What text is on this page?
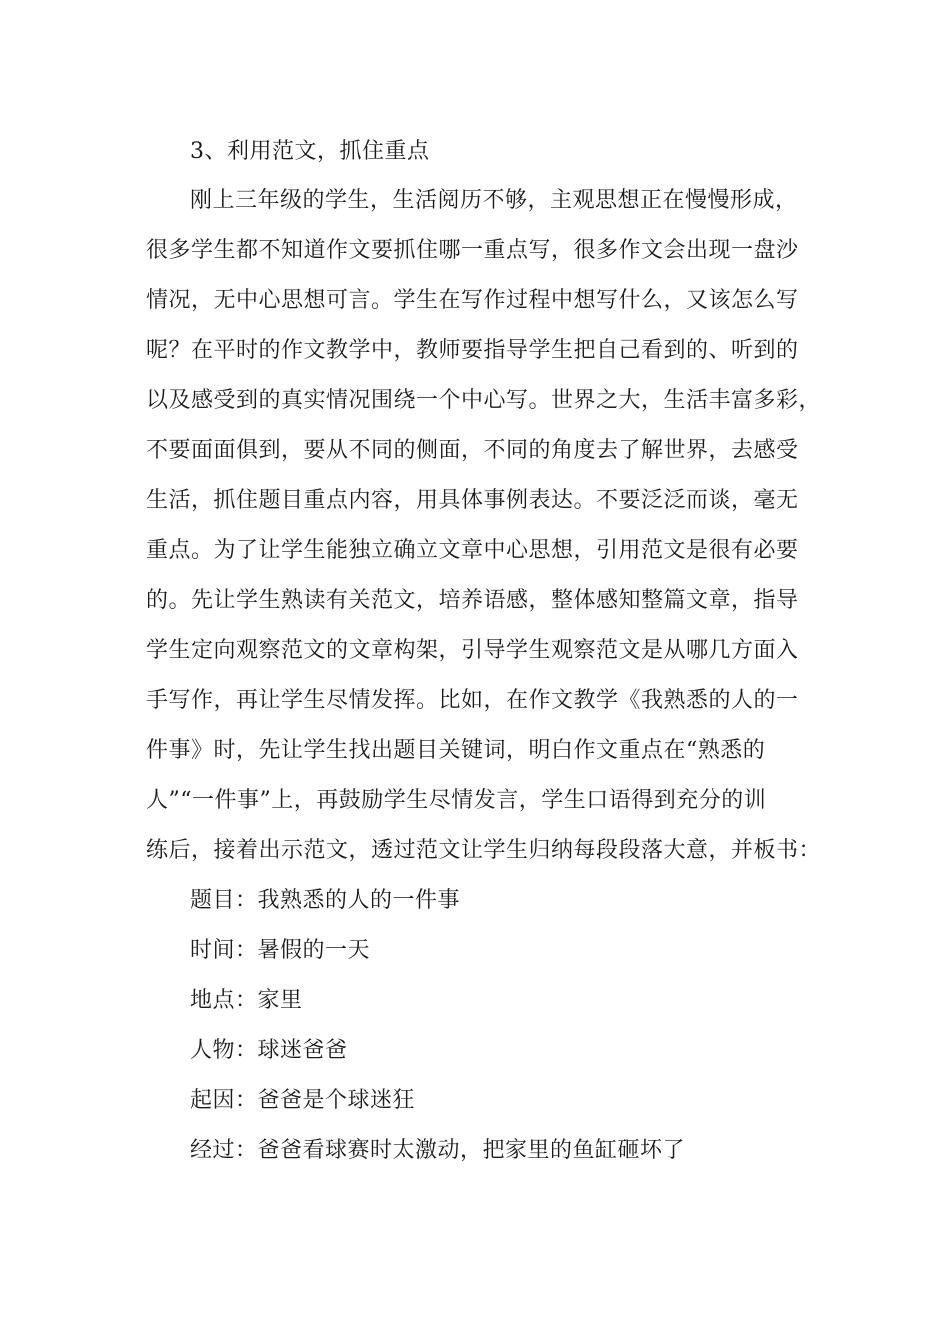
3、利用范文，抓住重点
刚上三年级的学生，生活阅历不够，主观思想正在慢慢形成，
很多学生都不知道作文要抓住哪一重点写，很多作文会出现一盘沙
情况，无中心思想可言。学生在写作过程中想写什么，又该怎么写
呢？在平时的作文教学中，教师要指导学生把自己看到的、听到的
以及感受到的真实情况围绕一个中心写。世界之大，生活丰富多彩，
不要面面俱到，要从不同的侧面，不同的角度去了解世界，去感受
生活，抓住题目重点内容，用具体事例表达。不要泛泛而谈，毫无
重点。为了让学生能独立确立文章中心思想，引用范文是很有必要
的。先让学生熟读有关范文，培养语感，整体感知整篇文章，指导
学生定向观察范文的文章构架，引导学生观察范文是从哪几方面入
手写作，再让学生尽情发挥。比如，在作文教学《我熟悉的人的一
件事》时，先让学生找出题目关键词，明白作文重点在“熟悉的
人”“一件事”上，再鼓励学生尽情发言，学生口语得到充分的训
练后，接着出示范文，透过范文让学生归纳每段段落大意，并板书：
题目：我熟悉的人的一件事
时间：暑假的一天
地点：家里
人物：球迷爸爸
起因：爸爸是个球迷狂
经过：爸爸看球赛时太激动，把家里的鱼缸砸坏了
